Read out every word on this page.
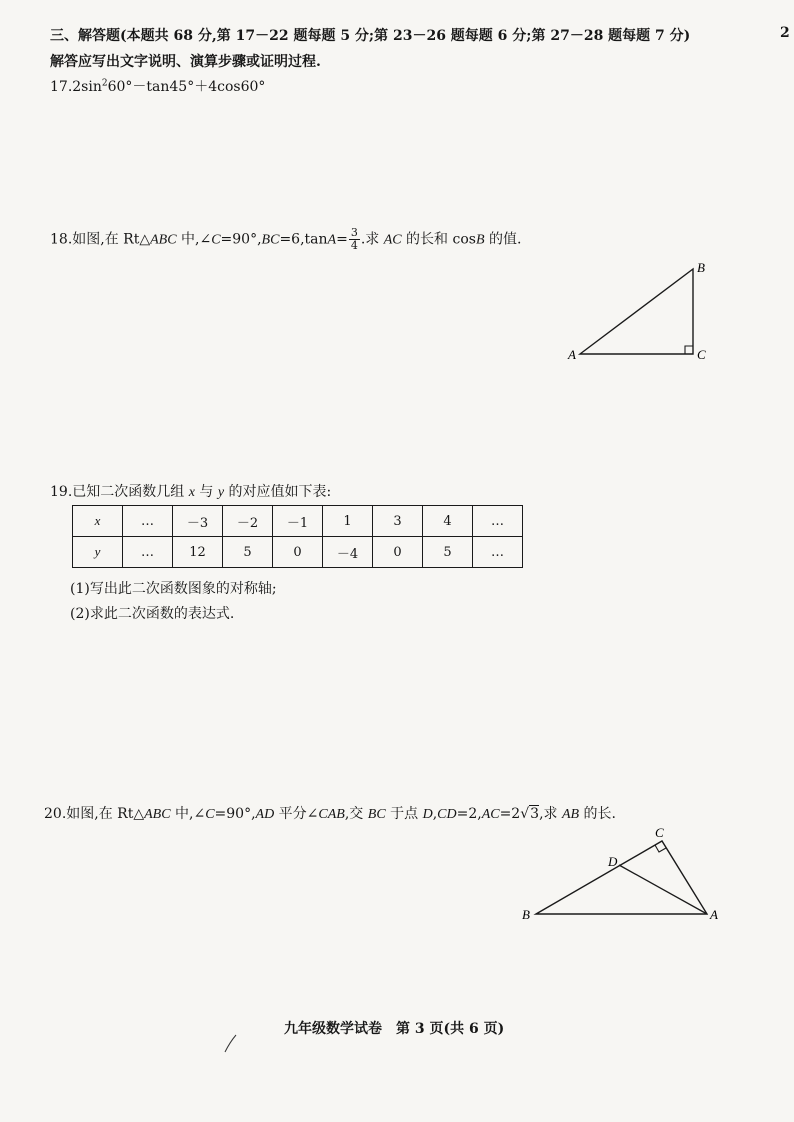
三、解答题(本题共 68 分,第 17－22 题每题 5 分;第 23－26 题每题 6 分;第 27－28 题每题 7 分)
解答应写出文字说明、演算步骤或证明过程.
2
$17.2\sin^260^\circ-\tan 45^\circ+4\cos 60^\circ$
18.如图,在 Rt△ABC 中,∠C=90°,BC=6,tanA= $\frac{3}{4}$ .求 AC 的长和 cosB 的值.
A
B
C
19.已知二次函数几组 x 与 y 的对应值如下表:
x	…	－3	－2	－1	1	3	4	…
y	…	12	5	0	－4	0	5	…
(1)写出此二次函数图象的对称轴;
(2)求此二次函数的表达式.
20.如图,在 Rt△ABC 中,∠C=90°,AD 平分∠CAB,交 BC 于点 D,CD=2,AC=2√3,求 AB 的长.
B
C
D
A
九年级数学试卷　第 3 页(共 6 页)
